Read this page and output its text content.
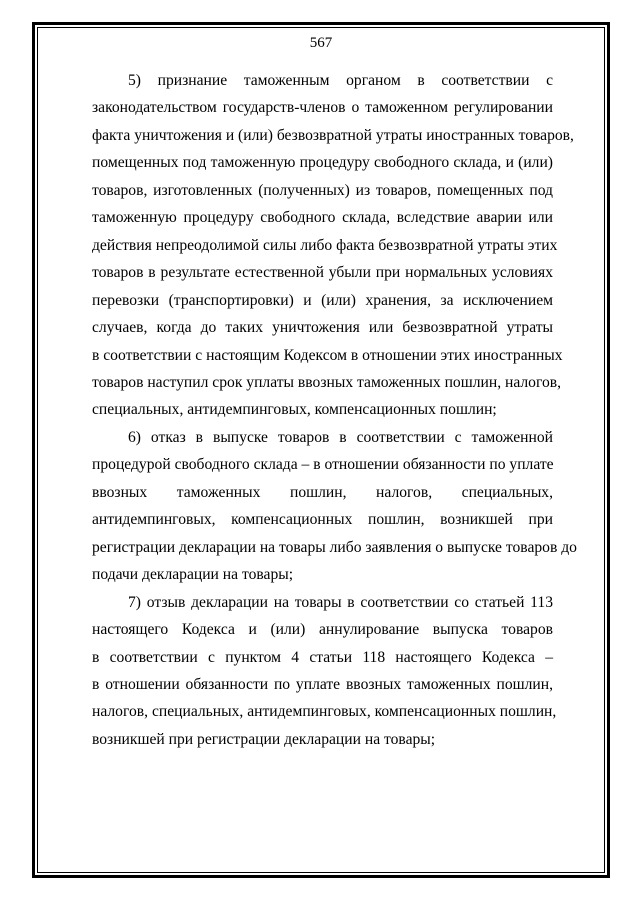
567

5) признание таможенным органом в соответствии с
законодательством государств-членов о таможенном регулировании
факта уничтожения и (или) безвозвратной утраты иностранных товаров,
помещенных под таможенную процедуру свободного склада, и (или)
товаров, изготовленных (полученных) из товаров, помещенных под
таможенную процедуру свободного склада, вследствие аварии или
действия непреодолимой силы либо факта безвозвратной утраты этих
товаров в результате естественной убыли при нормальных условиях
перевозки (транспортировки) и (или) хранения, за исключением
случаев, когда до таких уничтожения или безвозвратной утраты
в соответствии с настоящим Кодексом в отношении этих иностранных
товаров наступил срок уплаты ввозных таможенных пошлин, налогов,
специальных, антидемпинговых, компенсационных пошлин;

6) отказ в выпуске товаров в соответствии с таможенной
процедурой свободного склада – в отношении обязанности по уплате
ввозных таможенных пошлин, налогов, специальных,
антидемпинговых, компенсационных пошлин, возникшей при
регистрации декларации на товары либо заявления о выпуске товаров до
подачи декларации на товары;

7) отзыв декларации на товары в соответствии со статьей 113
настоящего Кодекса и (или) аннулирование выпуска товаров
в соответствии с пунктом 4 статьи 118 настоящего Кодекса –
в отношении обязанности по уплате ввозных таможенных пошлин,
налогов, специальных, антидемпинговых, компенсационных пошлин,
возникшей при регистрации декларации на товары;
